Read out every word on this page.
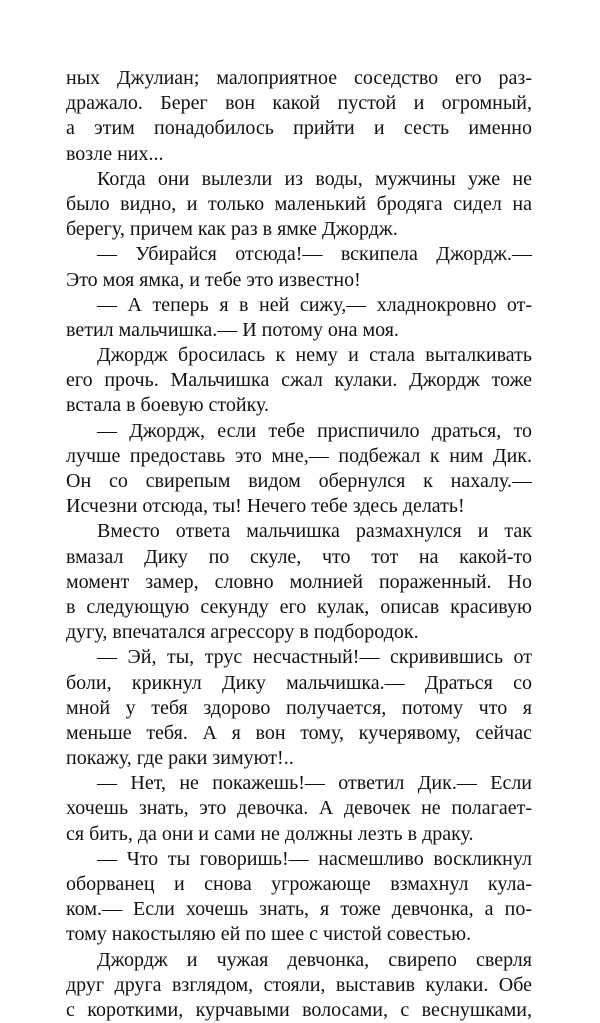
ных Джулиан; малоприятное соседство его раз-
дражало. Берег вон какой пустой и огромный,
а этим понадобилось прийти и сесть именно
возле них...
Когда они вылезли из воды, мужчины уже не
было видно, и только маленький бродяга сидел на
берегу, причем как раз в ямке Джордж.
— Убирайся отсюда!— вскипела Джордж.—
Это моя ямка, и тебе это известно!
— А теперь я в ней сижу,— хладнокровно от-
ветил мальчишка.— И потому она моя.
Джордж бросилась к нему и стала выталкивать
его прочь. Мальчишка сжал кулаки. Джордж тоже
встала в боевую стойку.
— Джордж, если тебе приспичило драться, то
лучше предоставь это мне,— подбежал к ним Дик.
Он со свирепым видом обернулся к нахалу.—
Исчезни отсюда, ты! Нечего тебе здесь делать!
Вместо ответа мальчишка размахнулся и так
вмазал Дику по скуле, что тот на какой-то
момент замер, словно молнией пораженный. Но
в следующую секунду его кулак, описав красивую
дугу, впечатался агрессору в подбородок.
— Эй, ты, трус несчастный!— скривившись от
боли, крикнул Дику мальчишка.— Драться со
мной у тебя здорово получается, потому что я
меньше тебя. А я вон тому, кучерявому, сейчас
покажу, где раки зимуют!..
— Нет, не покажешь!— ответил Дик.— Если
хочешь знать, это девочка. А девочек не полагает-
ся бить, да они и сами не должны лезть в драку.
— Что ты говоришь!— насмешливо воскликнул
оборванец и снова угрожающе взмахнул кула-
ком.— Если хочешь знать, я тоже девчонка, а по-
тому накостыляю ей по шее с чистой совестью.
Джордж и чужая девчонка, свирепо сверля
друг друга взглядом, стояли, выставив кулаки. Обе
с короткими, курчавыми волосами, с веснушками,
